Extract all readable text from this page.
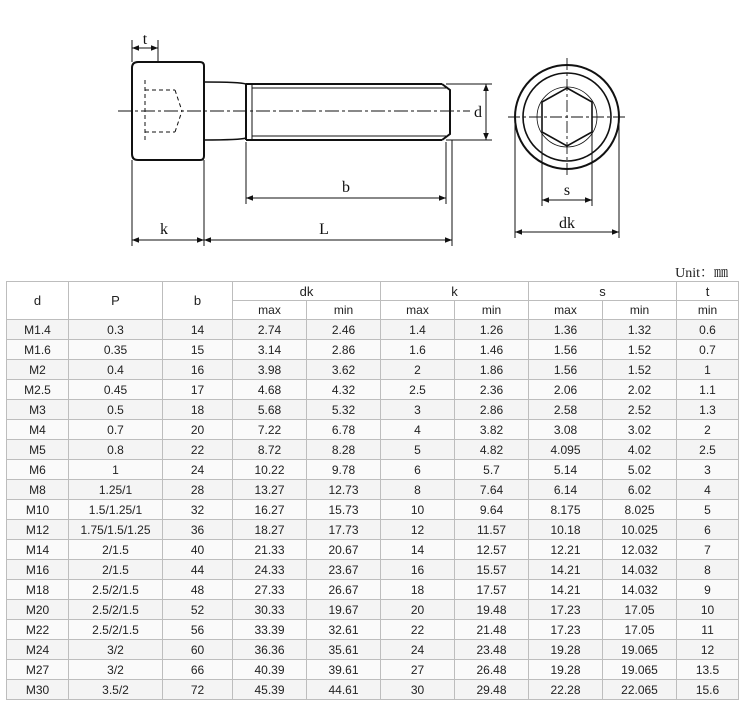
t
d
b
k	L
s
dk
Unit：㎜
d	P	b	dk		k		s		t
			max	min	max	min	max	min	min
M1.4	0.3	14	2.74	2.46	1.4	1.26	1.36	1.32	0.6
M1.6	0.35	15	3.14	2.86	1.6	1.46	1.56	1.52	0.7
M2	0.4	16	3.98	3.62	2	1.86	1.56	1.52	1
M2.5	0.45	17	4.68	4.32	2.5	2.36	2.06	2.02	1.1
M3	0.5	18	5.68	5.32	3	2.86	2.58	2.52	1.3
M4	0.7	20	7.22	6.78	4	3.82	3.08	3.02	2
M5	0.8	22	8.72	8.28	5	4.82	4.095	4.02	2.5
M6	1	24	10.22	9.78	6	5.7	5.14	5.02	3
M8	1.25/1	28	13.27	12.73	8	7.64	6.14	6.02	4
M10	1.5/1.25/1	32	16.27	15.73	10	9.64	8.175	8.025	5
M12	1.75/1.5/1.25	36	18.27	17.73	12	11.57	10.18	10.025	6
M14	2/1.5	40	21.33	20.67	14	12.57	12.21	12.032	7
M16	2/1.5	44	24.33	23.67	16	15.57	14.21	14.032	8
M18	2.5/2/1.5	48	27.33	26.67	18	17.57	14.21	14.032	9
M20	2.5/2/1.5	52	30.33	19.67	20	19.48	17.23	17.05	10
M22	2.5/2/1.5	56	33.39	32.61	22	21.48	17.23	17.05	11
M24	3/2	60	36.36	35.61	24	23.48	19.28	19.065	12
M27	3/2	66	40.39	39.61	27	26.48	19.28	19.065	13.5
M30	3.5/2	72	45.39	44.61	30	29.48	22.28	22.065	15.6
